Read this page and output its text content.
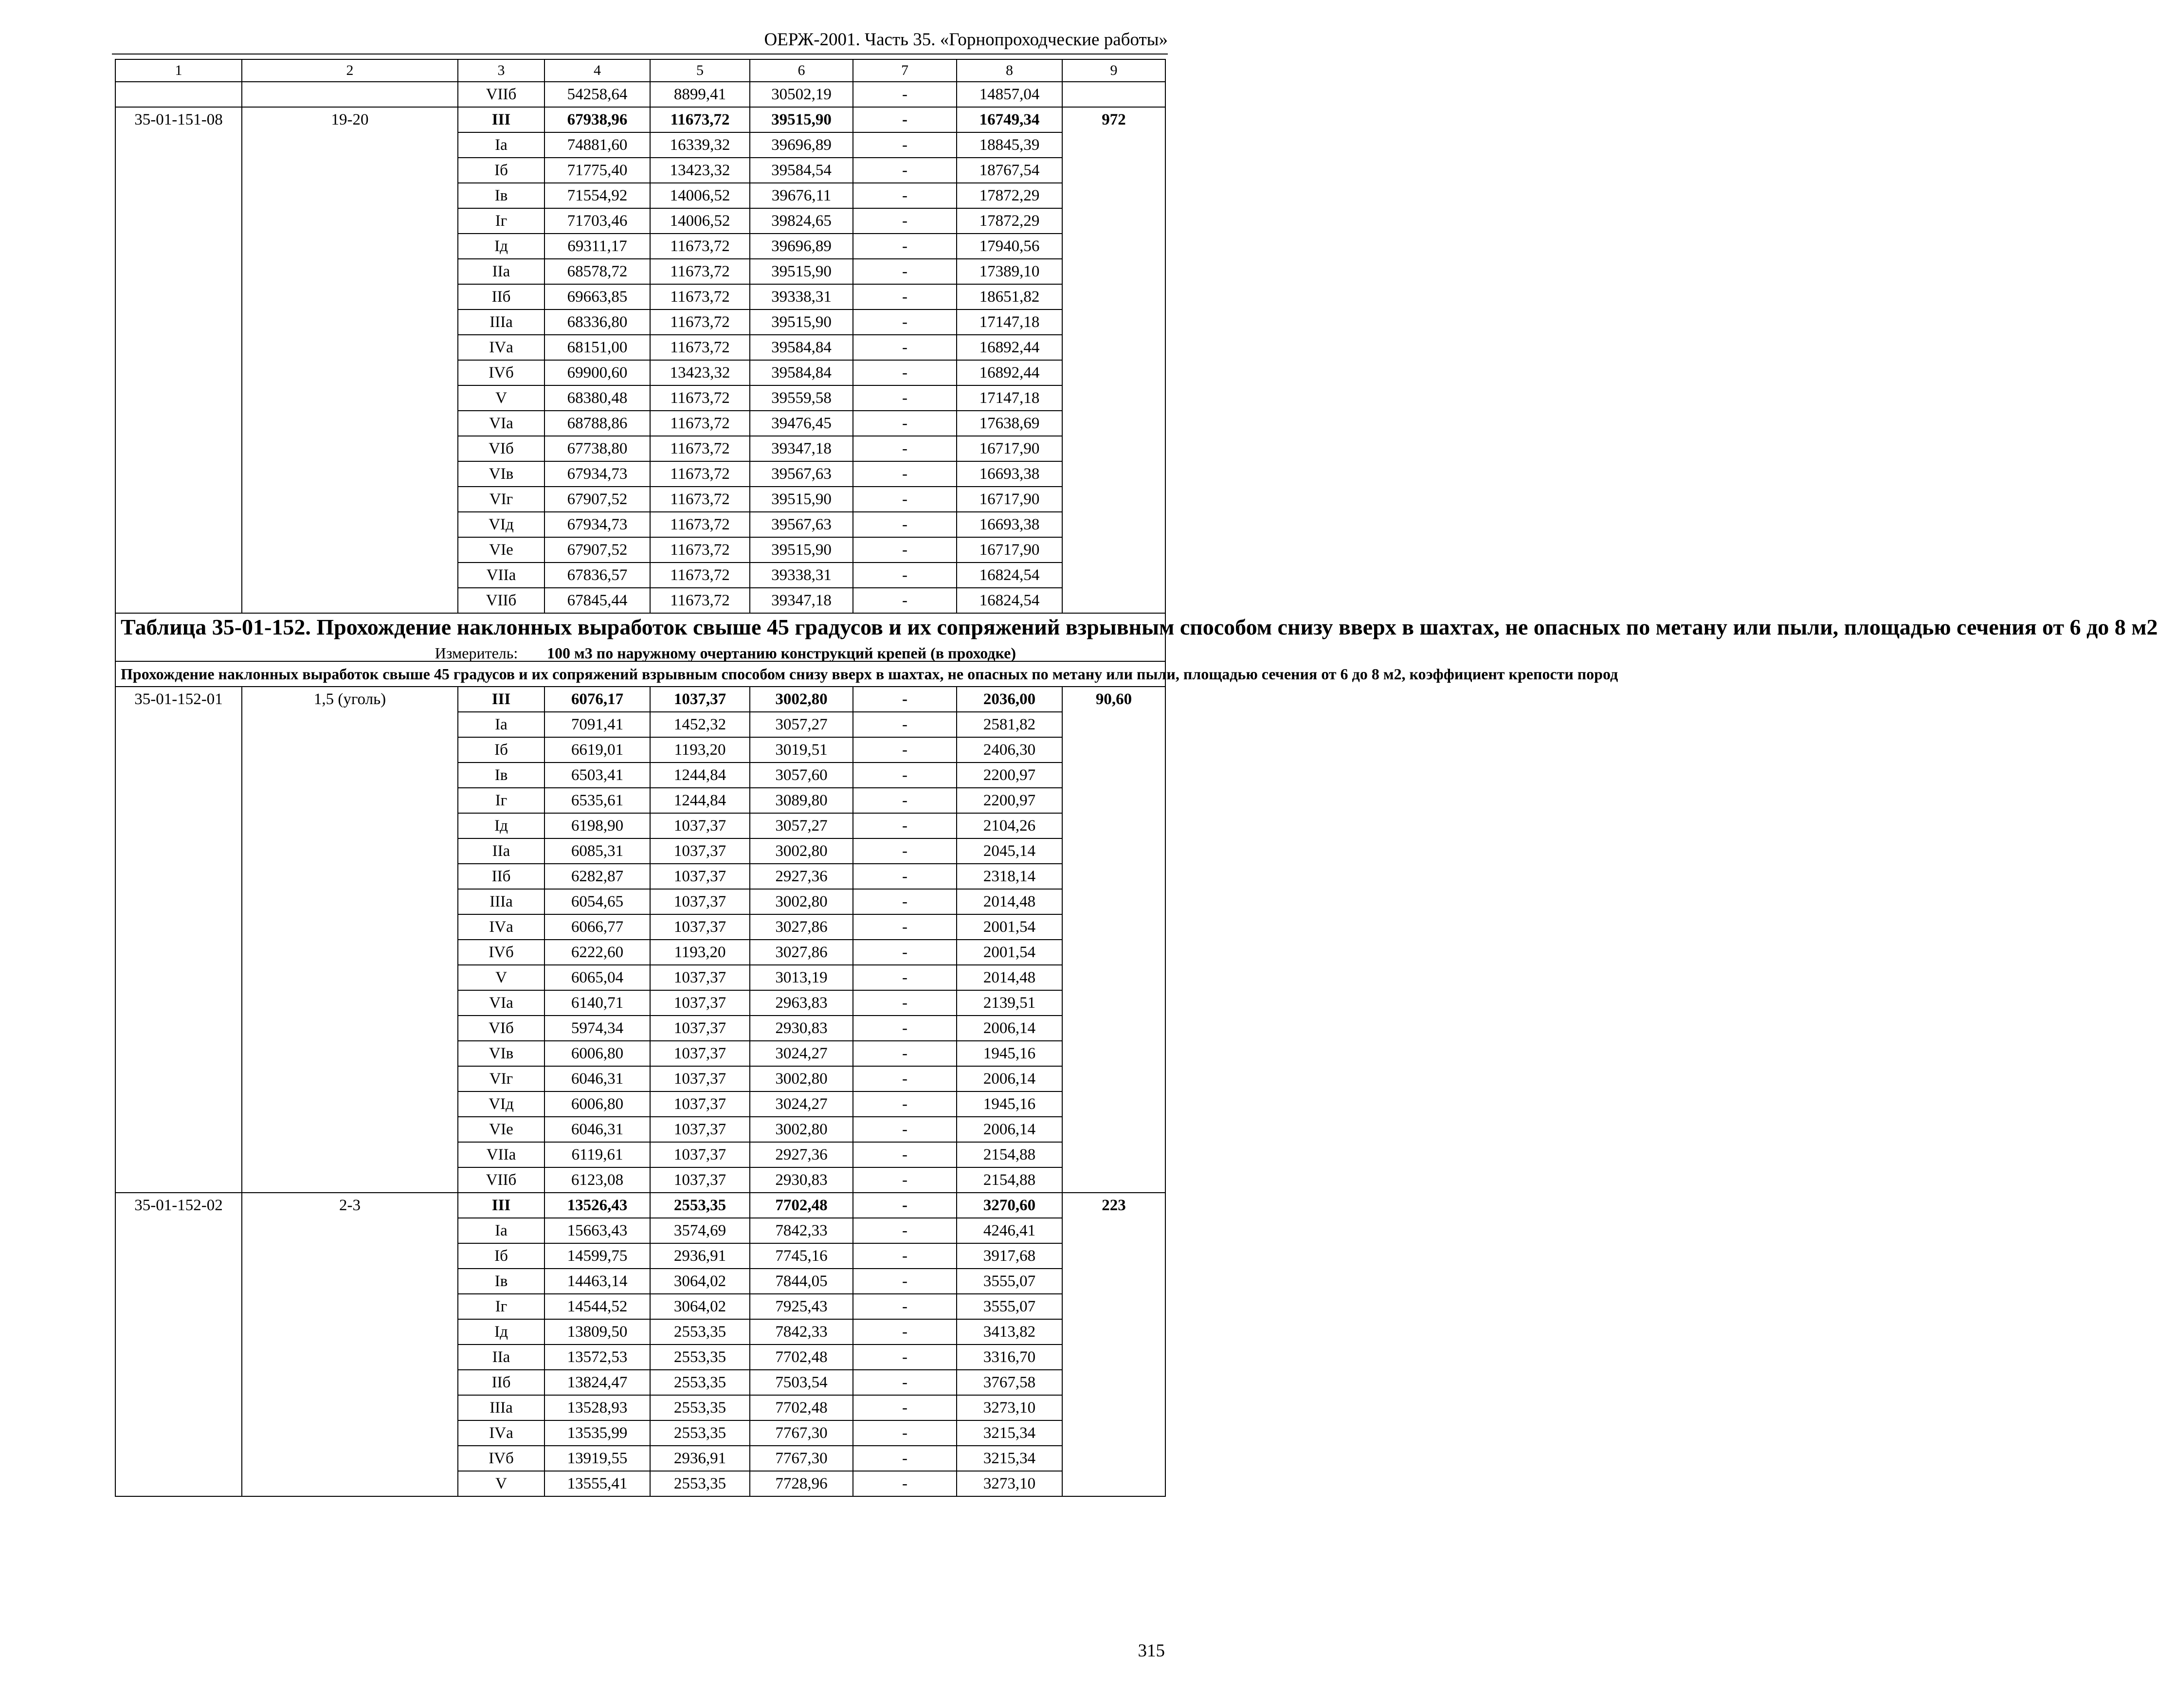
ОЕРЖ-2001. Часть 35. «Горнопроходческие работы»
1	2	3	4	5	6	7	8	9
		VIIб	54258,64	8899,41	30502,19	-	14857,04	
35-01-151-08	19-20	III	67938,96	11673,72	39515,90	-	16749,34	972
		Iа	74881,60	16339,32	39696,89	-	18845,39	
		Iб	71775,40	13423,32	39584,54	-	18767,54	
		Iв	71554,92	14006,52	39676,11	-	17872,29	
		Iг	71703,46	14006,52	39824,65	-	17872,29	
		Iд	69311,17	11673,72	39696,89	-	17940,56	
		IIа	68578,72	11673,72	39515,90	-	17389,10	
		IIб	69663,85	11673,72	39338,31	-	18651,82	
		IIIа	68336,80	11673,72	39515,90	-	17147,18	
		IVа	68151,00	11673,72	39584,84	-	16892,44	
		IVб	69900,60	13423,32	39584,84	-	16892,44	
		V	68380,48	11673,72	39559,58	-	17147,18	
		VIа	68788,86	11673,72	39476,45	-	17638,69	
		VIб	67738,80	11673,72	39347,18	-	16717,90	
		VIв	67934,73	11673,72	39567,63	-	16693,38	
		VIг	67907,52	11673,72	39515,90	-	16717,90	
		VIд	67934,73	11673,72	39567,63	-	16693,38	
		VIе	67907,52	11673,72	39515,90	-	16717,90	
		VIIа	67836,57	11673,72	39338,31	-	16824,54	
		VIIб	67845,44	11673,72	39347,18	-	16824,54	

Таблица 35-01-152. Прохождение наклонных выработок свыше 45 градусов и их сопряжений взрывным способом снизу вверх в шахтах, не опасных по метану или пыли, площадью сечения от 6 до 8 м2
Измеритель: 100 м3 по наружному очертанию конструкций крепей (в проходке)								

Прохождение наклонных выработок свыше 45 градусов и их сопряжений взрывным способом снизу вверх в шахтах, не опасных по метану или пыли, площадью сечения от 6 до 8 м2, коэффициент крепости пород								
35-01-152-01	1,5 (уголь)	III	6076,17	1037,37	3002,80	-	2036,00	90,60
		Iа	7091,41	1452,32	3057,27	-	2581,82	
		Iб	6619,01	1193,20	3019,51	-	2406,30	
		Iв	6503,41	1244,84	3057,60	-	2200,97	
		Iг	6535,61	1244,84	3089,80	-	2200,97	
		Iд	6198,90	1037,37	3057,27	-	2104,26	
		IIа	6085,31	1037,37	3002,80	-	2045,14	
		IIб	6282,87	1037,37	2927,36	-	2318,14	
		IIIа	6054,65	1037,37	3002,80	-	2014,48	
		IVа	6066,77	1037,37	3027,86	-	2001,54	
		IVб	6222,60	1193,20	3027,86	-	2001,54	
		V	6065,04	1037,37	3013,19	-	2014,48	
		VIа	6140,71	1037,37	2963,83	-	2139,51	
		VIб	5974,34	1037,37	2930,83	-	2006,14	
		VIв	6006,80	1037,37	3024,27	-	1945,16	
		VIг	6046,31	1037,37	3002,80	-	2006,14	
		VIд	6006,80	1037,37	3024,27	-	1945,16	
		VIе	6046,31	1037,37	3002,80	-	2006,14	
		VIIа	6119,61	1037,37	2927,36	-	2154,88	
		VIIб	6123,08	1037,37	2930,83	-	2154,88	
35-01-152-02	2-3	III	13526,43	2553,35	7702,48	-	3270,60	223
		Iа	15663,43	3574,69	7842,33	-	4246,41	
		Iб	14599,75	2936,91	7745,16	-	3917,68	
		Iв	14463,14	3064,02	7844,05	-	3555,07	
		Iг	14544,52	3064,02	7925,43	-	3555,07	
		Iд	13809,50	2553,35	7842,33	-	3413,82	
		IIа	13572,53	2553,35	7702,48	-	3316,70	
		IIб	13824,47	2553,35	7503,54	-	3767,58	
		IIIа	13528,93	2553,35	7702,48	-	3273,10	
		IVа	13535,99	2553,35	7767,30	-	3215,34	
		IVб	13919,55	2936,91	7767,30	-	3215,34	
		V	13555,41	2553,35	7728,96	-	3273,10	
315
